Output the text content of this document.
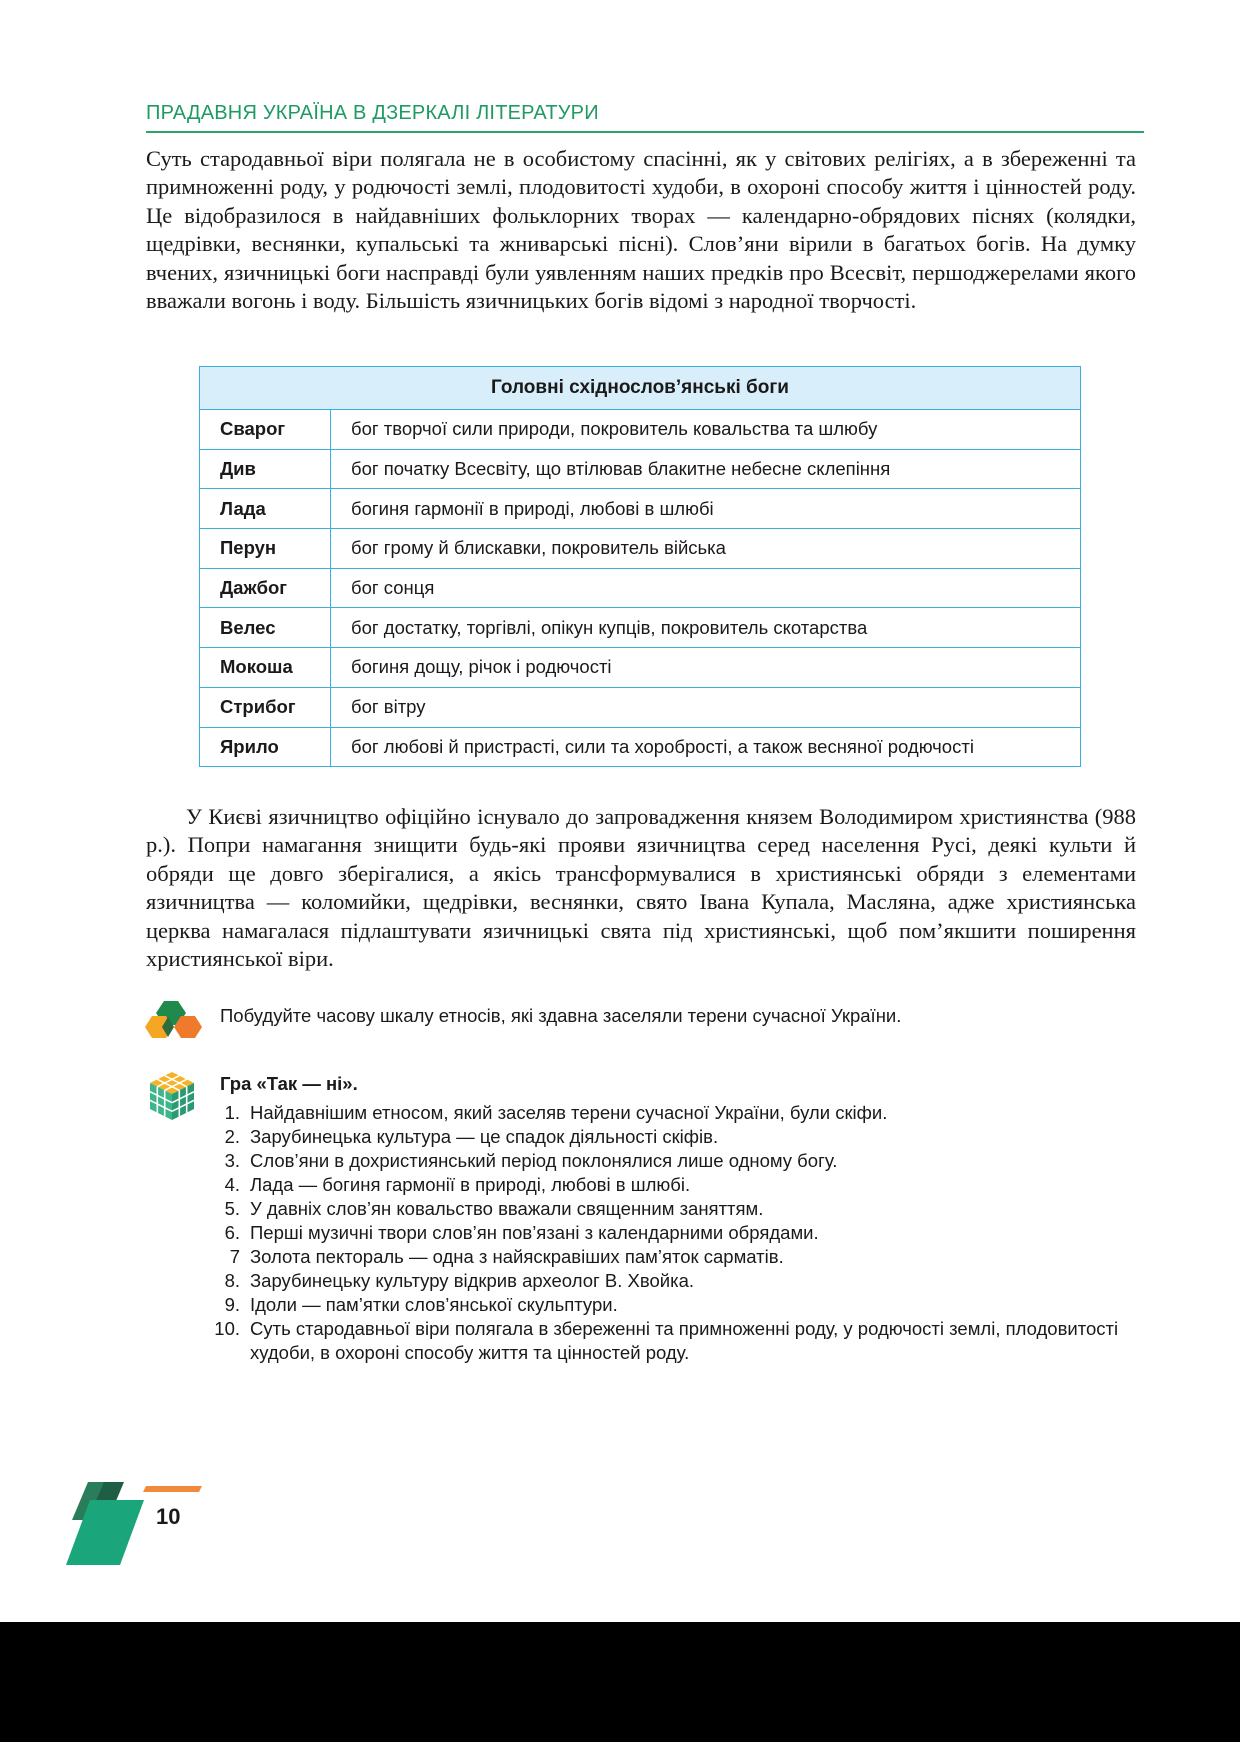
ПРАДАВНЯ УКРАЇНА В ДЗЕРКАЛІ ЛІТЕРАТУРИ

Суть стародавньої віри полягала не в особистому спасінні, як у світових релігіях, а в збереженні та примноженні роду, у родючості землі, плодовитості худоби, в охороні способу життя і цінностей роду. Це відобразилося в найдавніших фольклорних творах — календарно-обрядових піснях (колядки, щедрівки, веснянки, купальські та жниварські пісні). Слов’яни вірили в багатьох богів. На думку вчених, язичницькі боги насправді були уявленням наших предків про Всесвіт, першоджерелами якого вважали вогонь і воду. Більшість язичницьких богів відомі з народної творчості.

Головні східнослов’янські боги	
Сварог	бог творчої сили природи, покровитель ковальства та шлюбу
Див	бог початку Всесвіту, що втілював блакитне небесне склепіння
Лада	богиня гармонії в природі, любові в шлюбі
Перун	бог грому й блискавки, покровитель війська
Дажбог	бог сонця
Велес	бог достатку, торгівлі, опікун купців, покровитель скотарства
Мокоша	богиня дощу, річок і родючості
Стрибог	бог вітру
Ярило	бог любові й пристрасті, сили та хоробрості, а також весняної родючості

У Києві язичництво офіційно існувало до запровадження князем Володимиром християнства (988 р.). Попри намагання знищити будь-які прояви язичництва серед населення Русі, деякі культи й обряди ще довго зберігалися, а якісь трансформувалися в християнські обряди з елементами язичництва — коломийки, щедрівки, веснянки, свято Івана Купала, Масляна, адже християнська церква намагалася підлаштувати язичницькі свята під християнські, щоб пом’якшити поширення християнської віри.

Побудуйте часову шкалу етносів, які здавна заселяли терени сучасної України.
Гра «Так — ні».
1. Найдавнішим етносом, який заселяв терени сучасної України, були скіфи.
2. Зарубинецька культура — це спадок діяльності скіфів.
3. Слов’яни в дохристиянський період поклонялися лише одному богу.
4. Лада — богиня гармонії в природі, любові в шлюбі.
5. У давніх слов’ян ковальство вважали священним заняттям.
6. Перші музичні твори слов’ян пов’язані з календарними обрядами.
7 Золота пектораль — одна з найяскравіших пам’яток сарматів.
8. Зарубинецьку культуру відкрив археолог В. Хвойка.
9. Ідоли — пам’ятки слов’янської скульптури.
10. Суть стародавньої віри полягала в збереженні та примноженні роду, у родючості землі, плодовитості худоби, в охороні способу життя та цінностей роду.
10
